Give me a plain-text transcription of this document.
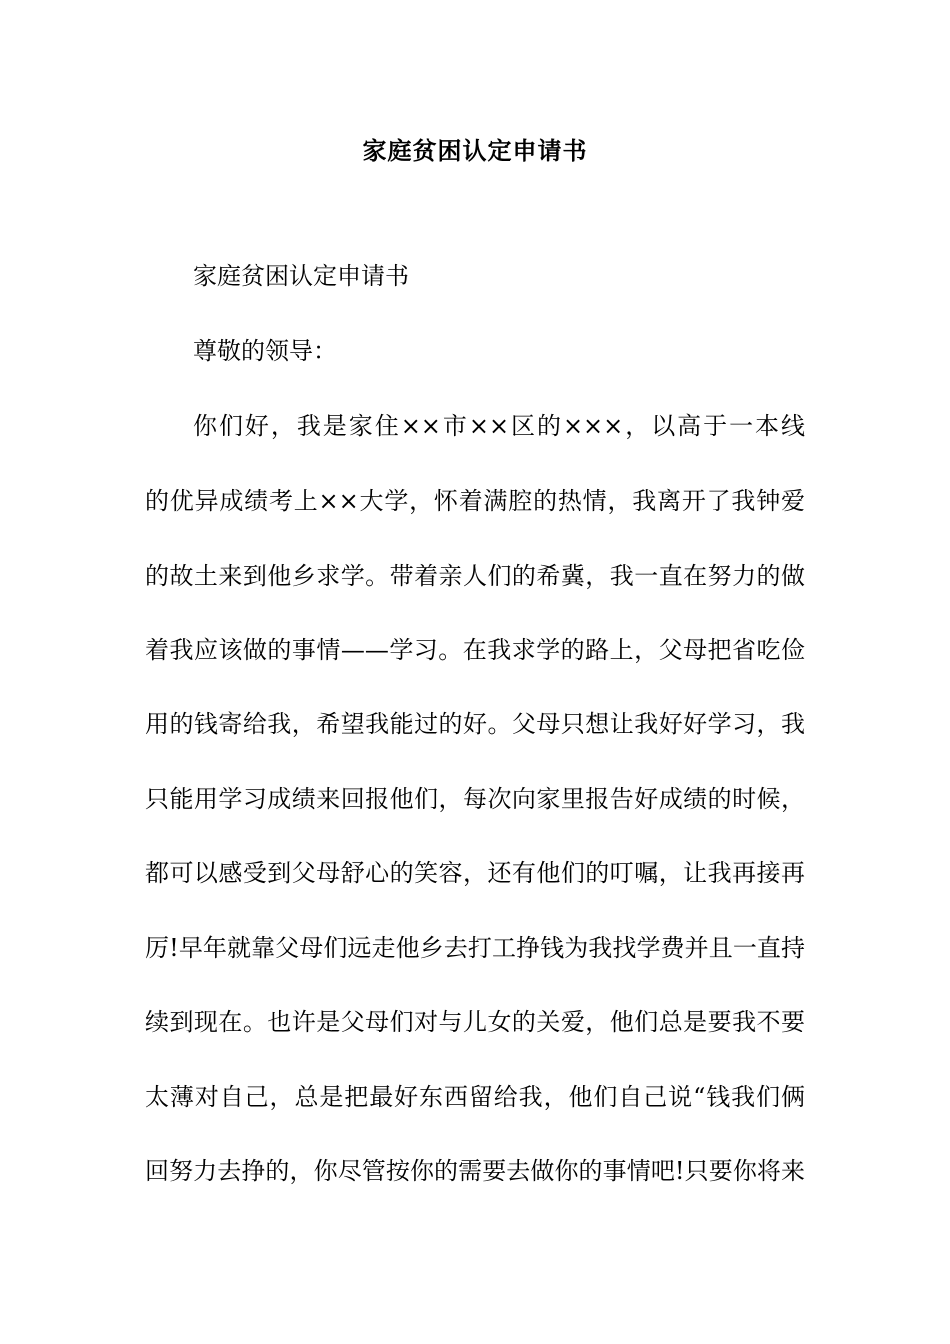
家庭贫困认定申请书
家庭贫困认定申请书
尊敬的领导：
你们好，我是家住××市××区的×××，以高于一本线
的优异成绩考上××大学，怀着满腔的热情，我离开了我钟爱
的故土来到他乡求学。带着亲人们的希冀，我一直在努力的做
着我应该做的事情——学习。在我求学的路上，父母把省吃俭
用的钱寄给我，希望我能过的好。父母只想让我好好学习，我
只能用学习成绩来回报他们，每次向家里报告好成绩的时候，
都可以感受到父母舒心的笑容，还有他们的叮嘱，让我再接再
厉!早年就靠父母们远走他乡去打工挣钱为我找学费并且一直持
续到现在。也许是父母们对与儿女的关爱，他们总是要我不要
太薄对自己，总是把最好东西留给我，他们自己说“钱我们俩
回努力去挣的，你尽管按你的需要去做你的事情吧!只要你将来
